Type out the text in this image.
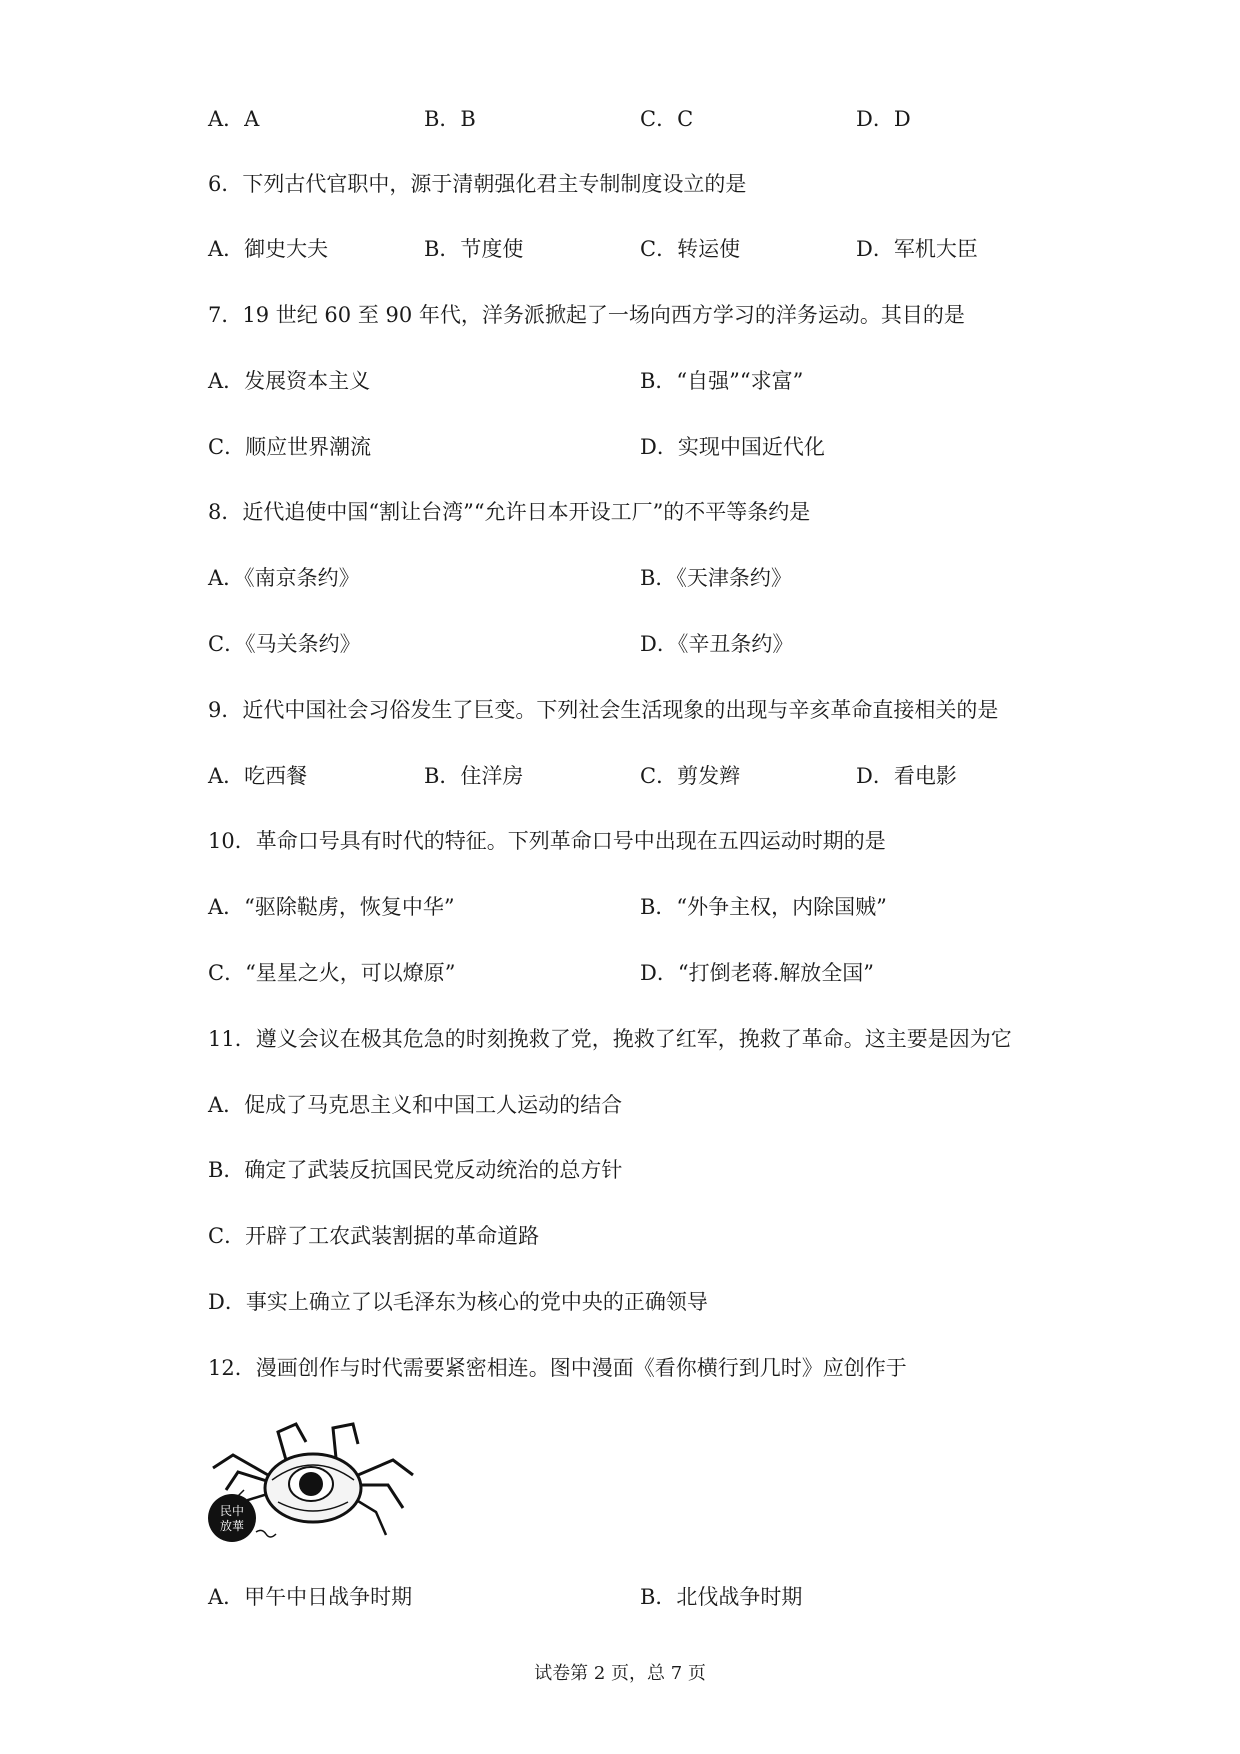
A．A	B．B	C．C	D．D
6．下列古代官职中，源于清朝强化君主专制制度设立的是
A．御史大夫	B．节度使	C．转运使	D．军机大臣
7．19 世纪 60 至 90 年代，洋务派掀起了一场向西方学习的洋务运动。其目的是
A．发展资本主义	B．“自强”“求富”
C．顺应世界潮流	D．实现中国近代化
8．近代追使中国“割让台湾”“允许日本开设工厂”的不平等条约是
A．《南京条约》	B．《天津条约》
C．《马关条约》	D．《辛丑条约》
9．近代中国社会习俗发生了巨变。下列社会生活现象的出现与辛亥革命直接相关的是
A．吃西餐	B．住洋房	C．剪发辫	D．看电影
10．革命口号具有时代的特征。下列革命口号中出现在五四运动时期的是
A．“驱除鞑虏，恢复中华”	B．“外争主权，内除国贼”
C．“星星之火，可以燎原”	D．“打倒老蒋.解放全国”
11．遵义会议在极其危急的时刻挽救了党，挽救了红军，挽救了革命。这主要是因为它
A．促成了马克思主义和中国工人运动的结合
B．确定了武装反抗国民党反动统治的总方针
C．开辟了工农武装割据的革命道路
D．事实上确立了以毛泽东为核心的党中央的正确领导
12．漫画创作与时代需要紧密相连。图中漫面《看你横行到几时》应创作于
民中
放華
A．甲午中日战争时期	B．北伐战争时期
试卷第 2 页，总 7 页
